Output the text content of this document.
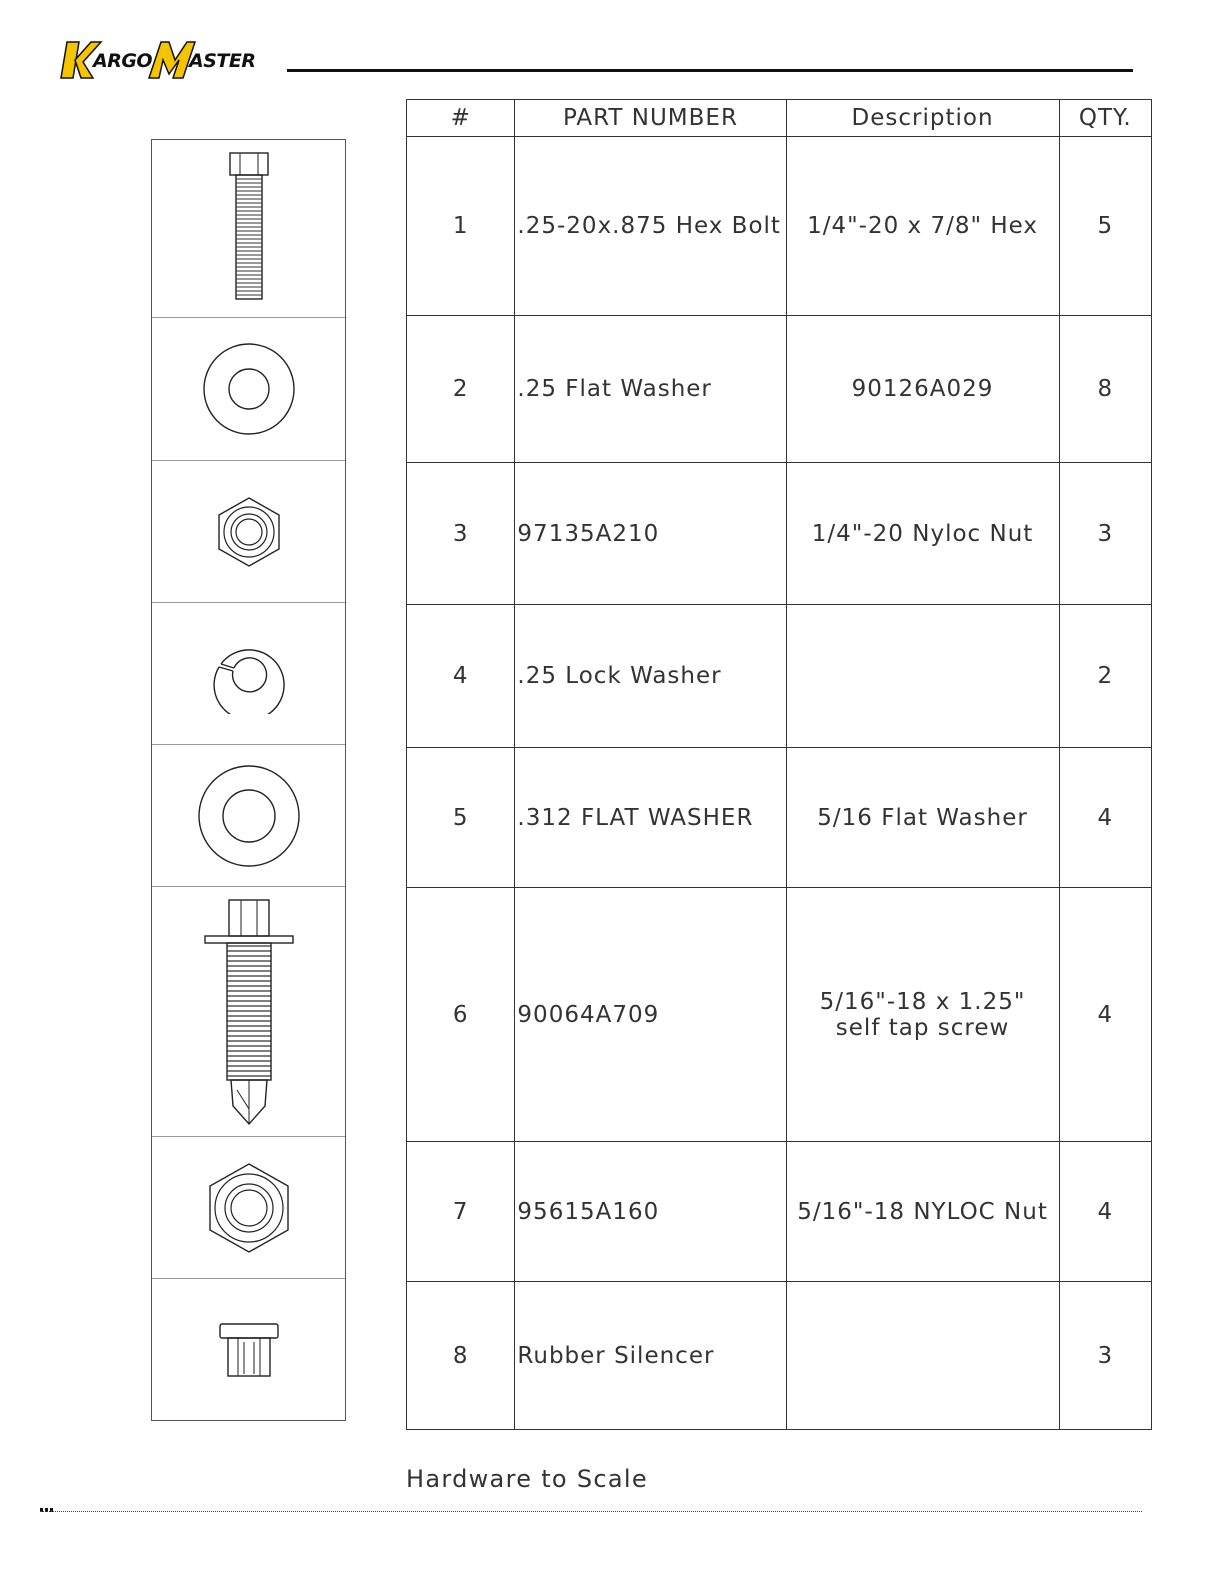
ARGO ASTER
#	PART NUMBER	Description	QTY.
1	.25-20x.875 Hex Bolt	1/4"-20 x 7/8" Hex	5
2	.25 Flat Washer	90126A029	8
3	97135A210	1/4"-20 Nyloc Nut	3
4	.25 Lock Washer		2
5	.312 FLAT WASHER	5/16 Flat Washer	4
6	90064A709	5/16"-18 x 1.25" self tap screw	4
7	95615A160	5/16"-18 NYLOC Nut	4
8	Rubber Silencer		3

Hardware to Scale
